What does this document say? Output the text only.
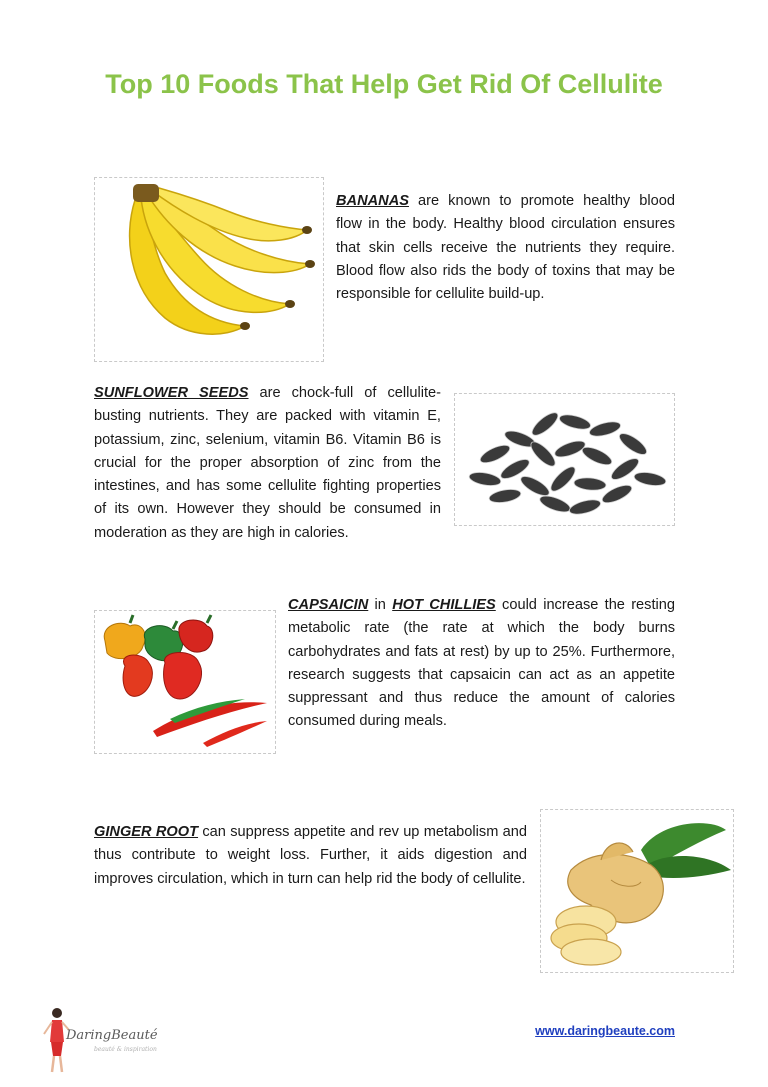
Top 10 Foods That Help Get Rid Of Cellulite

BANANAS are known to promote healthy blood flow in the body. Healthy blood circulation ensures that skin cells receive the nutrients they require. Blood flow also rids the body of toxins that may be responsible for cellulite build-up.

SUNFLOWER SEEDS are chock-full of cellulite-busting nutrients. They are packed with vitamin E, potassium, zinc, selenium, vitamin B6. Vitamin B6 is crucial for the proper absorption of zinc from the intestines, and has some cellulite fighting properties of its own. However they should be consumed in moderation as they are high in calories.

CAPSAICIN in HOT CHILLIES could increase the resting metabolic rate (the rate at which the body burns carbohydrates and fats at rest) by up to 25%. Furthermore, research suggests that capsaicin can act as an appetite suppressant and thus reduce the amount of calories consumed during meals.

GINGER ROOT can suppress appetite and rev up metabolism and thus contribute to weight loss. Further, it aids digestion and improves circulation, which in turn can help rid the body of cellulite.

DaringBeauté
beauté & inspiration
www.daringbeaute.com
